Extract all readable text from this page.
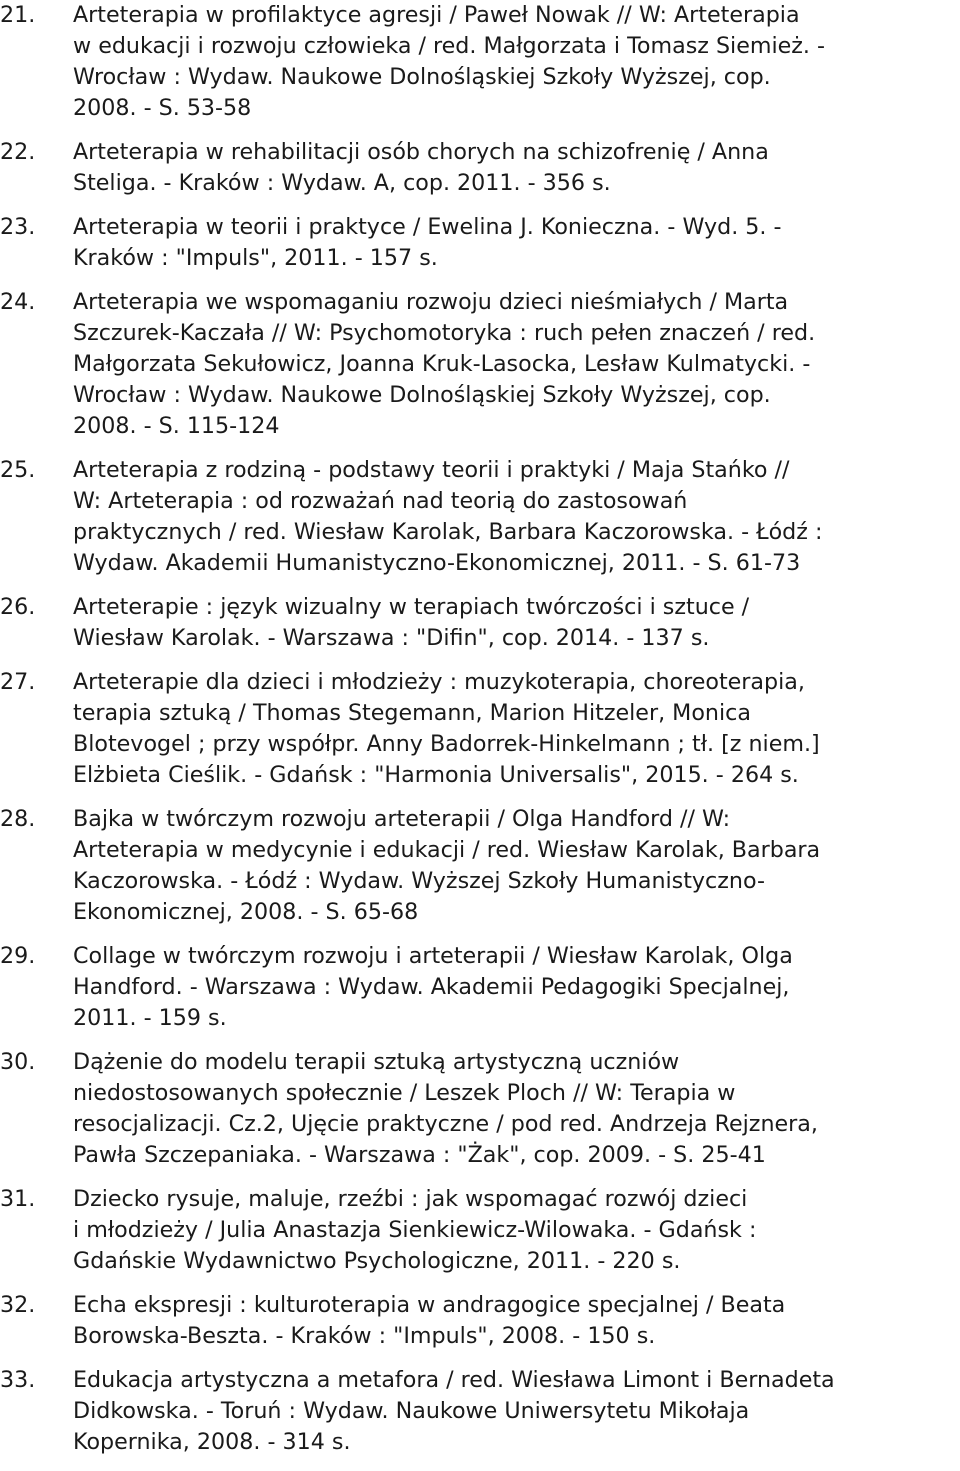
21.	Arteterapia w profilaktyce agresji / Paweł Nowak // W: Arteterapia
w edukacji i rozwoju człowieka / red. Małgorzata i Tomasz Siemież. -
Wrocław : Wydaw. Naukowe Dolnośląskiej Szkoły Wyższej, cop.
2008. - S. 53-58
22.	Arteterapia w rehabilitacji osób chorych na schizofrenię / Anna
Steliga. - Kraków : Wydaw. A, cop. 2011. - 356 s.
23.	Arteterapia w teorii i praktyce / Ewelina J. Konieczna. - Wyd. 5. -
Kraków : "Impuls", 2011. - 157 s.
24.	Arteterapia we wspomaganiu rozwoju dzieci nieśmiałych / Marta
Szczurek-Kaczała // W: Psychomotoryka : ruch pełen znaczeń / red.
Małgorzata Sekułowicz, Joanna Kruk-Lasocka, Lesław Kulmatycki. -
Wrocław : Wydaw. Naukowe Dolnośląskiej Szkoły Wyższej, cop.
2008. - S. 115-124
25.	Arteterapia z rodziną - podstawy teorii i praktyki / Maja Stańko //
W: Arteterapia : od rozważań nad teorią do zastosowań
praktycznych / red. Wiesław Karolak, Barbara Kaczorowska. - Łódź :
Wydaw. Akademii Humanistyczno-Ekonomicznej, 2011. - S. 61-73
26.	Arteterapie : język wizualny w terapiach twórczości i sztuce /
Wiesław Karolak. - Warszawa : "Difin", cop. 2014. - 137 s.
27.	Arteterapie dla dzieci i młodzieży : muzykoterapia, choreoterapia,
terapia sztuką / Thomas Stegemann, Marion Hitzeler, Monica
Blotevogel ; przy współpr. Anny Badorrek-Hinkelmann ; tł. [z niem.]
Elżbieta Cieślik. - Gdańsk : "Harmonia Universalis", 2015. - 264 s.
28.	Bajka w twórczym rozwoju arteterapii / Olga Handford // W:
Arteterapia w medycynie i edukacji / red. Wiesław Karolak, Barbara
Kaczorowska. - Łódź : Wydaw. Wyższej Szkoły Humanistyczno-
Ekonomicznej, 2008. - S. 65-68
29.	Collage w twórczym rozwoju i arteterapii / Wiesław Karolak, Olga
Handford. - Warszawa : Wydaw. Akademii Pedagogiki Specjalnej,
2011. - 159 s.
30.	Dążenie do modelu terapii sztuką artystyczną uczniów
niedostosowanych społecznie / Leszek Ploch // W: Terapia w
resocjalizacji. Cz.2, Ujęcie praktyczne / pod red. Andrzeja Rejznera,
Pawła Szczepaniaka. - Warszawa : "Żak", cop. 2009. - S. 25-41
31.	Dziecko rysuje, maluje, rzeźbi : jak wspomagać rozwój dzieci
i młodzieży / Julia Anastazja Sienkiewicz-Wilowaka. - Gdańsk :
Gdańskie Wydawnictwo Psychologiczne, 2011. - 220 s.
32.	Echa ekspresji : kulturoterapia w andragogice specjalnej / Beata
Borowska-Beszta. - Kraków : "Impuls", 2008. - 150 s.
33.	Edukacja artystyczna a metafora / red. Wiesława Limont i Bernadeta
Didkowska. - Toruń : Wydaw. Naukowe Uniwersytetu Mikołaja
Kopernika, 2008. - 314 s.
